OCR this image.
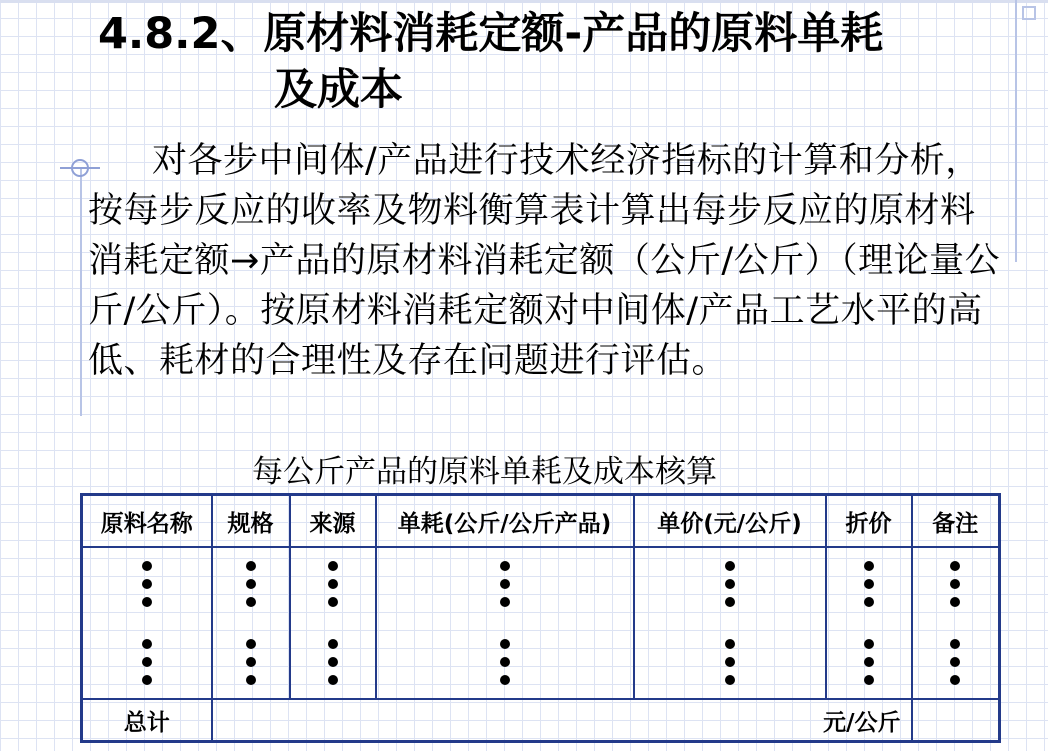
4.8.2、原材料消耗定额-产品的原料单耗
及成本

对各步中间体/产品进行技术经济指标的计算和分析，按每步反应的收率及物料衡算表计算出每步反应的原材料消耗定额→产品的原材料消耗定额（公斤/公斤）（理论量公斤/公斤）。按原材料消耗定额对中间体/产品工艺水平的高低、耗材的合理性及存在问题进行评估。

每公斤产品的原料单耗及成本核算
原料名称	规格	来源	单耗(公斤/公斤产品)	单价(元/公斤)	折价	备注

总计	元/公斤					
